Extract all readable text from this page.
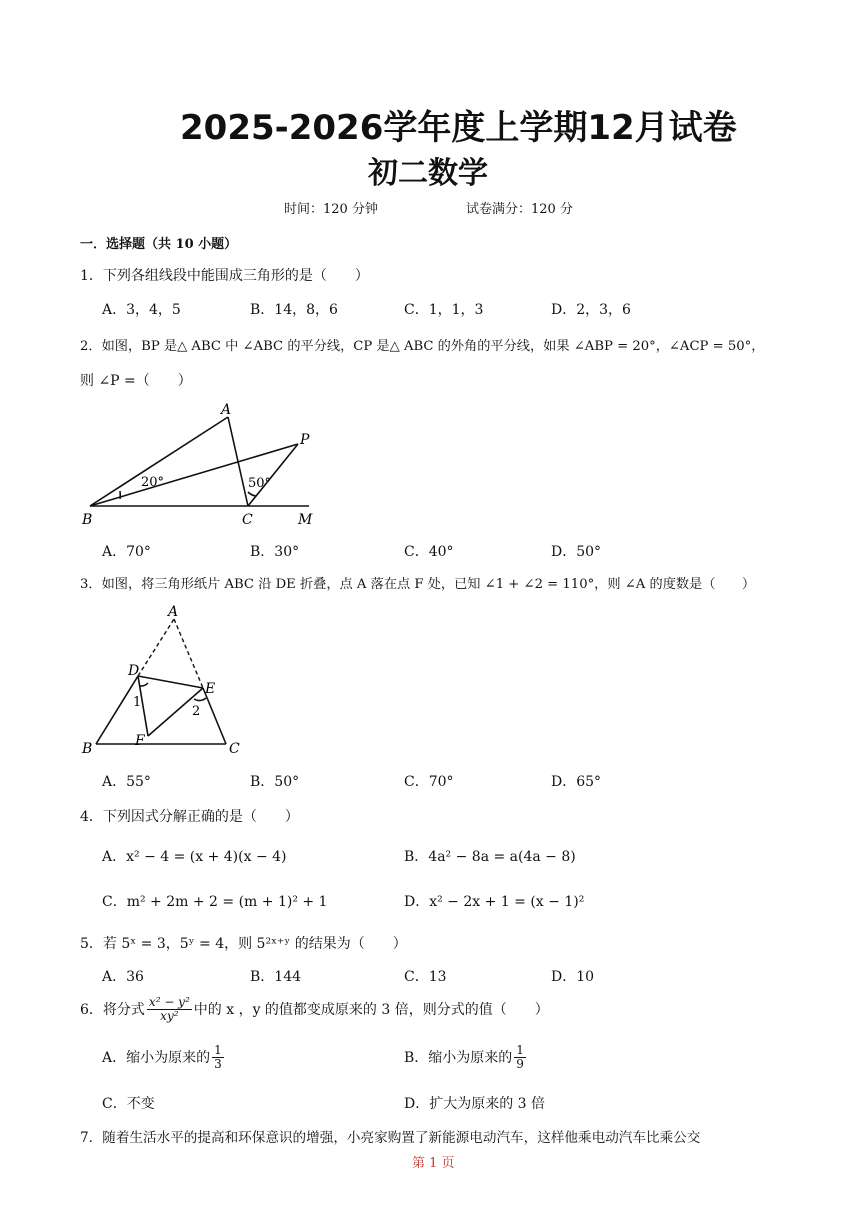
2025-2026学年度上学期12月试卷
初二数学
时间：120 分钟	试卷满分：120 分
一．选择题（共 10 小题）
1．下列各组线段中能围成三角形的是（　　）
A．3，4，5	B．14，8，6	C．1，1，3	D．2，3，6
2．如图，BP 是△ ABC 中 ∠ABC 的平分线，CP 是△ ABC 的外角的平分线，如果 ∠ABP = 20°，∠ACP = 50°，
则 ∠P =（　　）
A
P
B	C	M
20°	50°
A．70°	B．30°	C．40°	D．50°
3．如图，将三角形纸片 ABC 沿 DE 折叠，点 A 落在点 F 处，已知 ∠1 + ∠2 = 110°，则 ∠A 的度数是（　　）
A
D
E
1
2
F
B	C
A．55°	B．50°	C．70°	D．65°
4．下列因式分解正确的是（　　）
A．x² − 4 = (x + 4)(x − 4)	B．4a² − 8a = a(4a − 8)
C．m² + 2m + 2 = (m + 1)² + 1	D．x² − 2x + 1 = (x − 1)²
5．若 5ˣ = 3，5ʸ = 4，则 5²ˣ⁺ʸ 的结果为（　　）
A．36	B．144	C．13	D．10
6．将分式 $\frac{\text{x² − y²}}{\text{xy²}}$ 中的 x ，y 的值都变成原来的 3 倍，则分式的值（　　）
A．缩小为原来的 $\frac{1}{3}$	B．缩小为原来的 $\frac{1}{9}$
C．不变	D．扩大为原来的 3 倍
7．随着生活水平的提高和环保意识的增强，小亮家购置了新能源电动汽车，这样他乘电动汽车比乘公交
第 1 页
